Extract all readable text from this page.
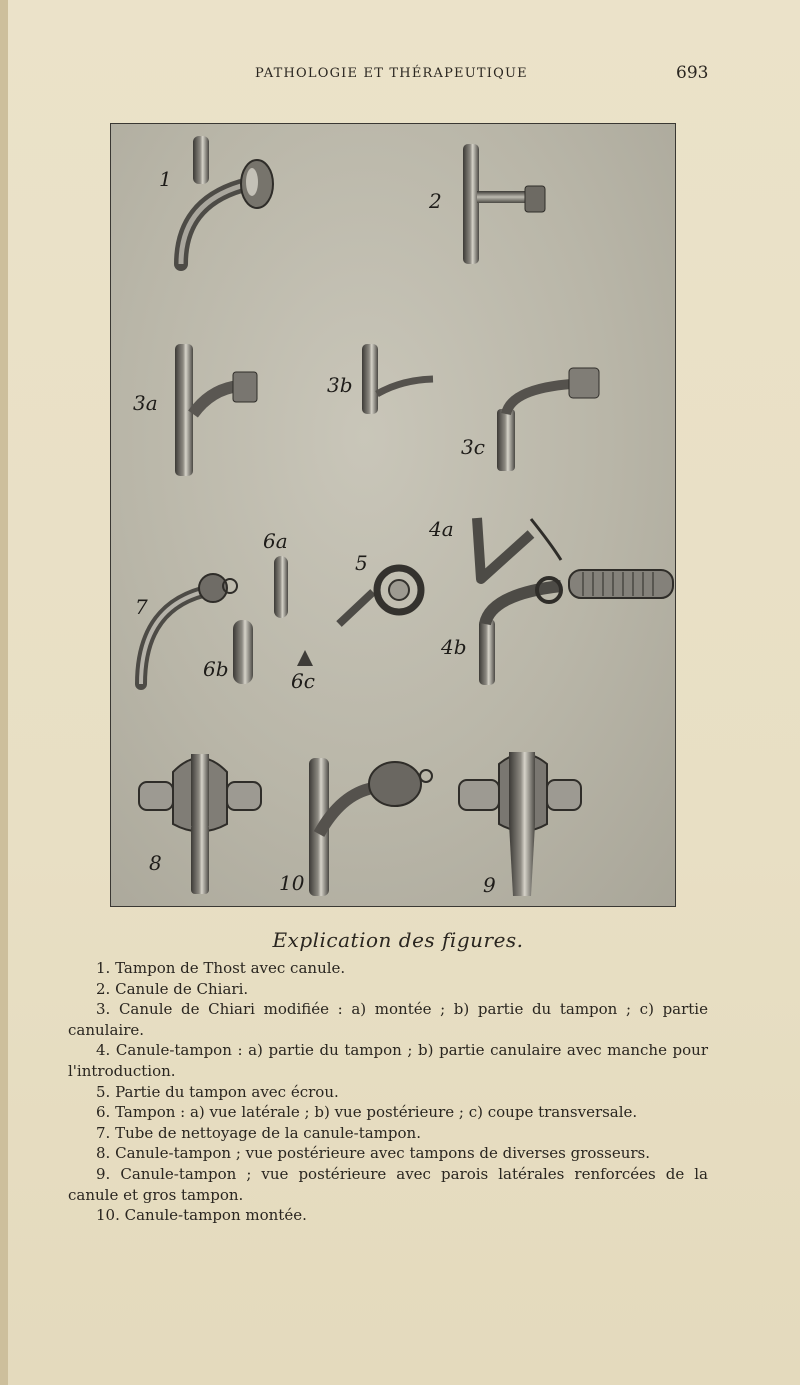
PATHOLOGIE ET THÉRAPEUTIQUE	693
1
2
3a
3b
3c
4a
4b
5
6a
6b	6c
7
8
9
10

Explication des figures.

1. Tampon de Thost avec canule.

2. Canule de Chiari.

3. Canule de Chiari modifiée : a) montée ; b) partie du tampon ; c) partie canulaire.

4. Canule-tampon : a) partie du tampon ; b) partie canulaire avec manche pour l'introduction.

5. Partie du tampon avec écrou.

6. Tampon : a) vue latérale ; b) vue postérieure ; c) coupe transversale.

7. Tube de nettoyage de la canule-tampon.

8. Canule-tampon ; vue postérieure avec tampons de diverses grosseurs.

9. Canule-tampon ; vue postérieure avec parois latérales renforcées de la canule et gros tampon.

10. Canule-tampon montée.
